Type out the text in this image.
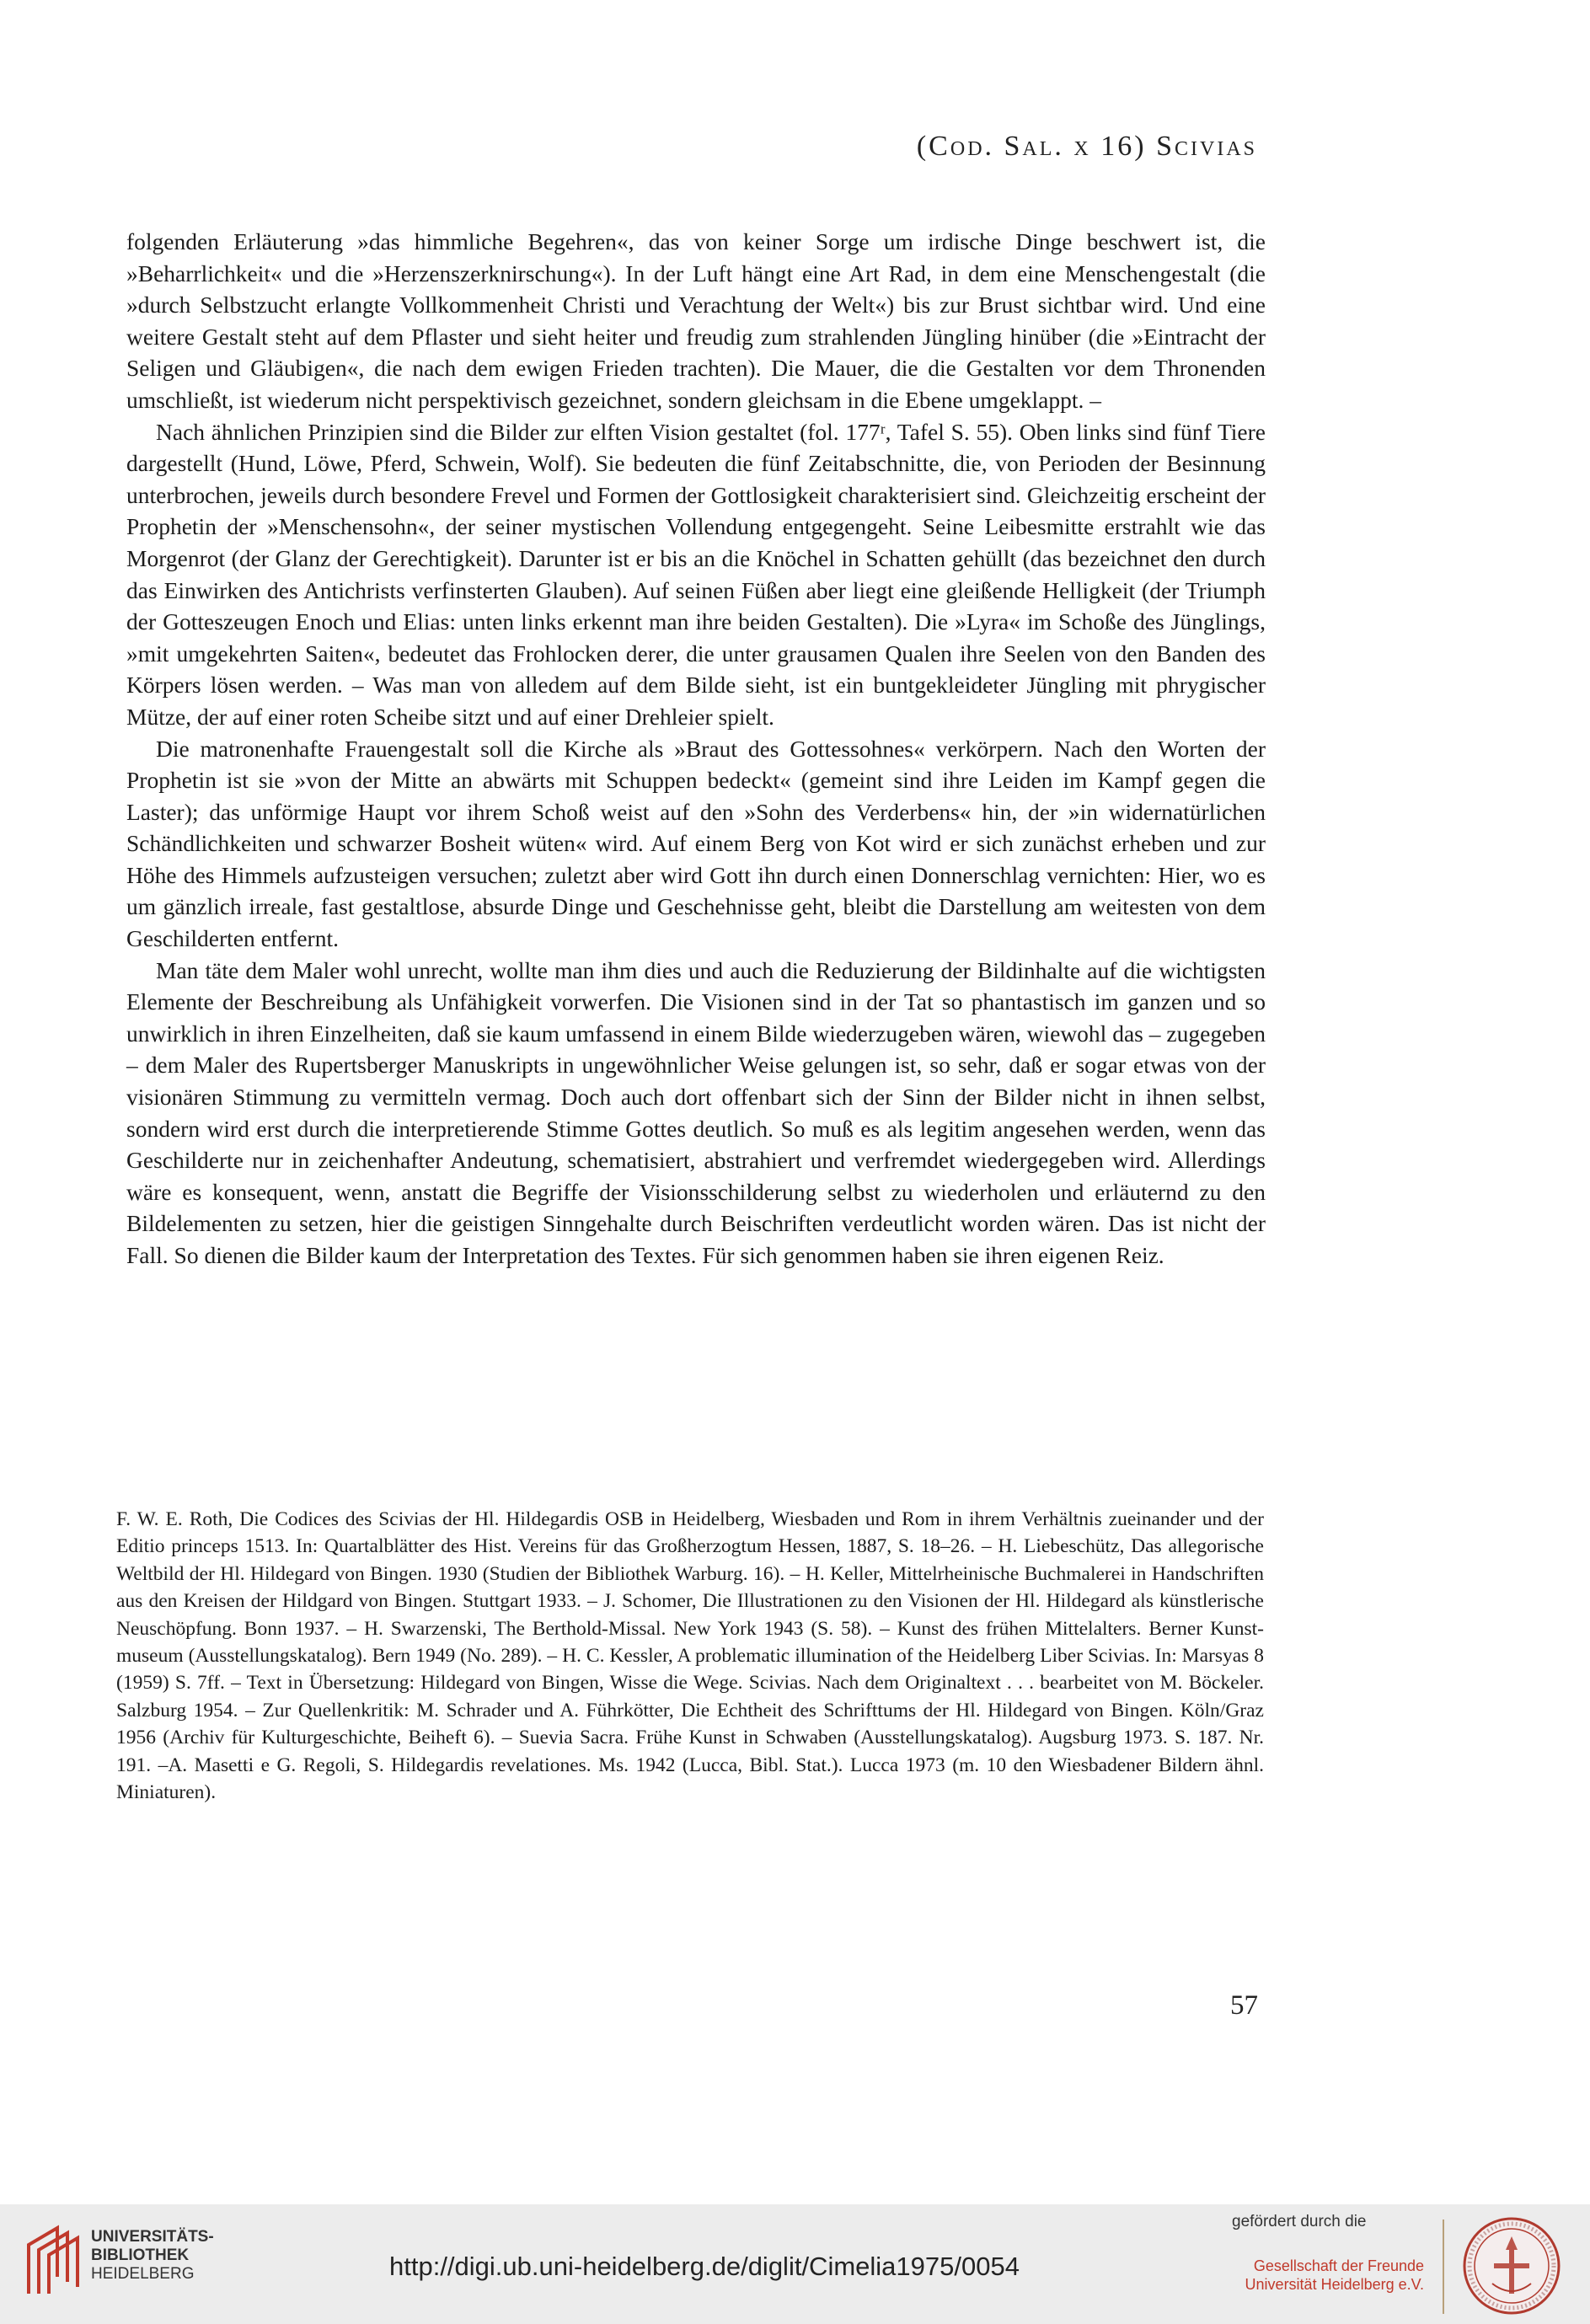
(Cod. Sal. x 16) Scivias

folgenden Erläuterung »das himmliche Begehren«, das von keiner Sorge um irdische Dinge beschwert ist, die »Beharrlichkeit« und die »Herzenszerknirschung«). In der Luft hängt eine Art Rad, in dem eine Menschengestalt (die »durch Selbstzucht erlangte Vollkommenheit Christi und Verachtung der Welt«) bis zur Brust sichtbar wird. Und eine weitere Gestalt steht auf dem Pflaster und sieht heiter und freudig zum strahlenden Jüngling hinüber (die »Eintracht der Seligen und Gläubigen«, die nach dem ewigen Frieden trachten). Die Mauer, die die Gestalten vor dem Thronenden umschließt, ist wiederum nicht perspektivisch gezeichnet, sondern gleichsam in die Ebene umgeklappt. –

Nach ähnlichen Prinzipien sind die Bilder zur elften Vision gestaltet (fol. 177ʳ, Tafel S. 55). Oben links sind fünf Tiere dargestellt (Hund, Löwe, Pferd, Schwein, Wolf). Sie bedeuten die fünf Zeitabschnitte, die, von Perioden der Besinnung unterbrochen, jeweils durch besondere Frevel und Formen der Gottlosigkeit charakterisiert sind. Gleichzeitig erscheint der Prophetin der »Menschensohn«, der seiner mystischen Vollendung entgegengeht. Seine Leibesmitte erstrahlt wie das Morgenrot (der Glanz der Gerechtigkeit). Darunter ist er bis an die Knöchel in Schatten gehüllt (das bezeichnet den durch das Einwirken des Antichrists verfinsterten Glauben). Auf seinen Füßen aber liegt eine gleißende Helligkeit (der Triumph der Gotteszeugen Enoch und Elias: unten links erkennt man ihre beiden Gestalten). Die »Lyra« im Schoße des Jünglings, »mit umgekehrten Saiten«, bedeutet das Frohlocken derer, die unter grausamen Qualen ihre Seelen von den Banden des Körpers lösen werden. – Was man von alledem auf dem Bilde sieht, ist ein buntgekleideter Jüngling mit phrygischer Mütze, der auf einer roten Scheibe sitzt und auf einer Drehleier spielt.

Die matronenhafte Frauengestalt soll die Kirche als »Braut des Gottessohnes« verkörpern. Nach den Worten der Prophetin ist sie »von der Mitte an abwärts mit Schuppen bedeckt« (gemeint sind ihre Leiden im Kampf gegen die Laster); das unförmige Haupt vor ihrem Schoß weist auf den »Sohn des Verderbens« hin, der »in widernatürlichen Schändlichkeiten und schwarzer Bosheit wüten« wird. Auf einem Berg von Kot wird er sich zunächst erheben und zur Höhe des Himmels aufzusteigen versuchen; zuletzt aber wird Gott ihn durch einen Donnerschlag vernichten: Hier, wo es um gänzlich irreale, fast gestaltlose, absurde Dinge und Geschehnisse geht, bleibt die Darstellung am weitesten von dem Geschilderten entfernt.

Man täte dem Maler wohl unrecht, wollte man ihm dies und auch die Reduzierung der Bildinhalte auf die wichtigsten Elemente der Beschreibung als Unfähigkeit vorwerfen. Die Visionen sind in der Tat so phantastisch im ganzen und so unwirklich in ihren Einzelheiten, daß sie kaum umfassend in einem Bilde wiederzugeben wären, wiewohl das – zugegeben – dem Maler des Rupertsberger Manuskripts in ungewöhnlicher Weise gelungen ist, so sehr, daß er sogar etwas von der visionären Stimmung zu vermitteln vermag. Doch auch dort offenbart sich der Sinn der Bilder nicht in ihnen selbst, sondern wird erst durch die interpretierende Stimme Gottes deutlich. So muß es als legitim angesehen werden, wenn das Geschilderte nur in zeichenhafter Andeutung, schematisiert, abstrahiert und verfremdet wiedergegeben wird. Allerdings wäre es konsequent, wenn, anstatt die Begriffe der Visionsschilderung selbst zu wiederholen und erläuternd zu den Bildelementen zu setzen, hier die geistigen Sinngehalte durch Beischriften verdeutlicht worden wären. Das ist nicht der Fall. So dienen die Bilder kaum der Interpretation des Textes. Für sich genommen haben sie ihren eigenen Reiz.

F. W. E. Roth, Die Codices des Scivias der Hl. Hildegardis OSB in Heidelberg, Wiesbaden und Rom in ihrem Verhältnis zueinander und der Editio princeps 1513. In: Quartalblätter des Hist. Vereins für das Großherzogtum Hessen, 1887, S. 18–26. – H. Liebeschütz, Das allegorische Weltbild der Hl. Hildegard von Bingen. 1930 (Studien der Bibliothek Warburg. 16). – H. Keller, Mittelrheinische Buchmalerei in Handschriften aus den Kreisen der Hildgard von Bingen. Stuttgart 1933. – J. Schomer, Die Illustrationen zu den Visionen der Hl. Hildegard als künstlerische Neuschöpfung. Bonn 1937. – H. Swarzenski, The Berthold-Missal. New York 1943 (S. 58). – Kunst des frühen Mittelalters. Berner Kunstmuseum (Ausstellungskatalog). Bern 1949 (No. 289). – H. C. Kessler, A problematic illumination of the Heidelberg Liber Scivias. In: Marsyas 8 (1959) S. 7ff. – Text in Übersetzung: Hildegard von Bingen, Wisse die Wege. Scivias. Nach dem Originaltext . . . bearbeitet von M. Böckeler. Salzburg 1954. – Zur Quellenkritik: M. Schrader und A. Führkötter, Die Echtheit des Schrifttums der Hl. Hildegard von Bingen. Köln/Graz 1956 (Archiv für Kulturgeschichte, Beiheft 6). – Suevia Sacra. Frühe Kunst in Schwaben (Ausstellungskatalog). Augsburg 1973. S. 187. Nr. 191. –A. Masetti e G. Regoli, S. Hildegardis revelationes. Ms. 1942 (Lucca, Bibl. Stat.). Lucca 1973 (m. 10 den Wiesbadener Bildern ähnl. Miniaturen).

57
UNIVERSITÄTS-
BIBLIOTHEK
HEIDELBERG	http://digi.ub.uni-heidelberg.de/diglit/Cimelia1975/0054
gefördert durch die
Gesellschaft der Freunde
Universität Heidelberg e.V.
